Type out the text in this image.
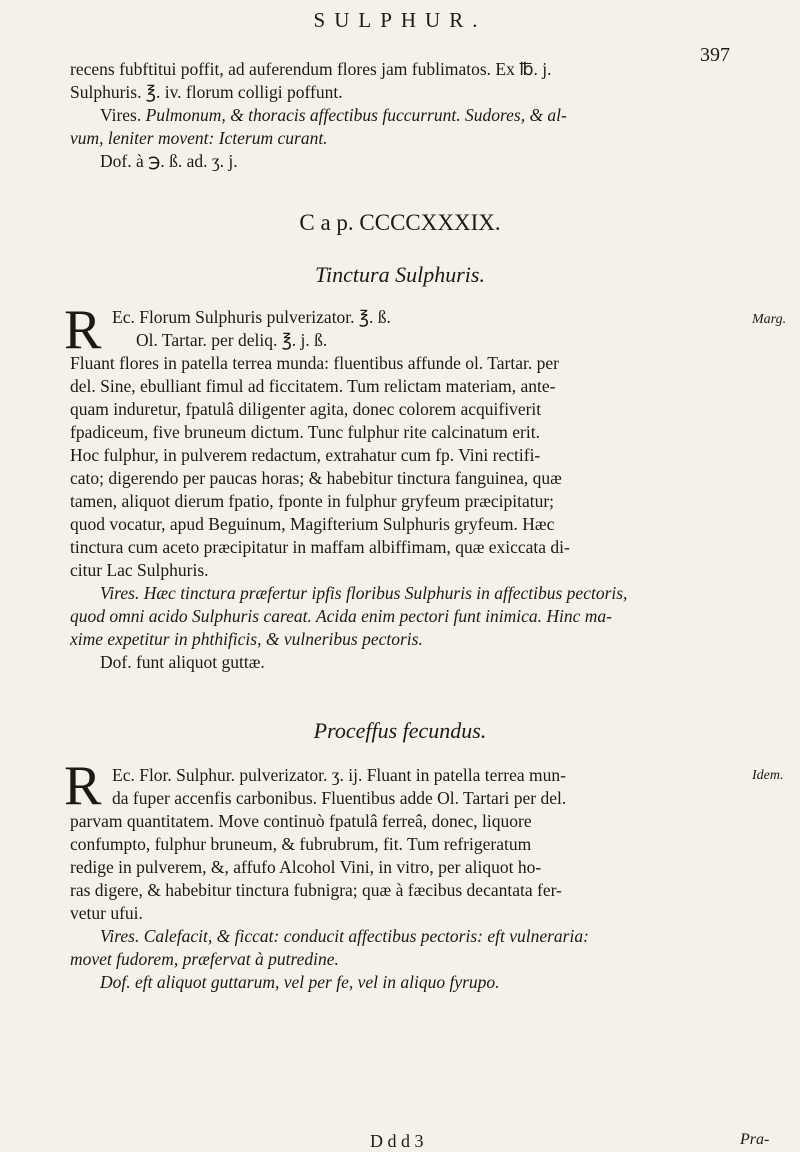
SULPHUR.
397
recens fubftitui poffit, ad auferendum flores jam fublimatos. Ex ℔. j.
Sulphuris. ℥. iv. florum colligi poffunt.
Vires. Pulmonum, & thoracis affectibus fuccurrunt. Sudores, & al-
vum, leniter movent: Icterum curant.
Dof. à ℈. ß. ad. ʒ. j.
C a p. CCCCXXXIX.
Tinctura Sulphuris.
R	Marg.
Ec. Florum Sulphuris pulverizator. ℥. ß.
Ol. Tartar. per deliq. ℥. j. ß.
Fluant flores in patella terrea munda: fluentibus affunde ol. Tartar. per
del. Sine, ebulliant fimul ad ficcitatem. Tum relictam materiam, ante-
quam induretur, fpatulâ diligenter agita, donec colorem acquifiverit
fpadiceum, five bruneum dictum. Tunc fulphur rite calcinatum erit.
Hoc fulphur, in pulverem redactum, extrahatur cum fp. Vini rectifi-
cato; digerendo per paucas horas; & habebitur tinctura fanguinea, quæ
tamen, aliquot dierum fpatio, fponte in fulphur gryfeum præcipitatur;
quod vocatur, apud Beguinum, Magifterium Sulphuris gryfeum. Hæc
tinctura cum aceto præcipitatur in maffam albiffimam, quæ exiccata di-
citur Lac Sulphuris.
Vires. Hæc tinctura præfertur ipfis floribus Sulphuris in affectibus pectoris,
quod omni acido Sulphuris careat. Acida enim pectori funt inimica. Hinc ma-
xime expetitur in phthificis, & vulneribus pectoris.
Dof. funt aliquot guttæ.
Proceffus fecundus.
R	Idem.
Ec. Flor. Sulphur. pulverizator. ʒ. ij. Fluant in patella terrea mun-
da fuper accenfis carbonibus. Fluentibus adde Ol. Tartari per del.
parvam quantitatem. Move continuò fpatulâ ferreâ, donec, liquore
confumpto, fulphur bruneum, & fubrubrum, fit. Tum refrigeratum
redige in pulverem, &, affufo Alcohol Vini, in vitro, per aliquot ho-
ras digere, & habebitur tinctura fubnigra; quæ à fæcibus decantata fer-
vetur ufui.
Vires. Calefacit, & ficcat: conducit affectibus pectoris: eft vulneraria:
movet fudorem, præfervat à putredine.
Dof. eft aliquot guttarum, vel per fe, vel in aliquo fyrupo.
D d d 3	Pra-
